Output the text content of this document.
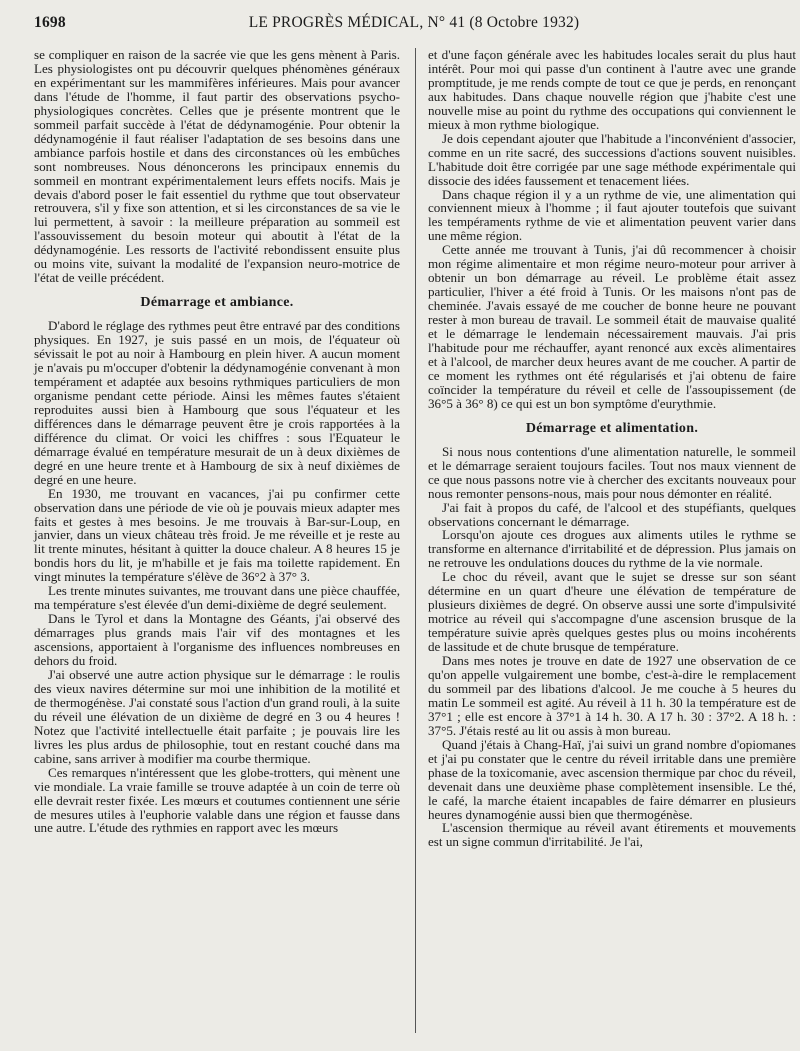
1698	LE PROGRÈS MÉDICAL, N° 41 (8 Octobre 1932)

se compliquer en raison de la sacrée vie que les gens mènent à Paris. Les physiologistes ont pu découvrir quelques phénomènes généraux en expérimentant sur les mammifères inférieures. Mais pour avancer dans l'étude de l'homme, il faut partir des observations psycho-physiologiques concrètes. Celles que je présente montrent que le sommeil parfait succède à l'état de dédynamogénie. Pour obtenir la dédynamogénie il faut réaliser l'adaptation de ses besoins dans une ambiance parfois hostile et dans des circonstances où les embûches sont nombreuses. Nous dénoncerons les principaux ennemis du sommeil en montrant expérimentalement leurs effets nocifs. Mais je devais d'abord poser le fait essentiel du rythme que tout observateur retrouvera, s'il y fixe son attention, et si les circonstances de sa vie le lui permettent, à savoir : la meilleure préparation au sommeil est l'assouvissement du besoin moteur qui aboutit à l'état de la dédynamogénie. Les ressorts de l'activité rebondissent ensuite plus ou moins vite, suivant la modalité de l'expansion neuro-motrice de l'état de veille précédent.

Démarrage et ambiance.

D'abord le réglage des rythmes peut être entravé par des conditions physiques. En 1927, je suis passé en un mois, de l'équateur où sévissait le pot au noir à Hambourg en plein hiver. A aucun moment je n'avais pu m'occuper d'obtenir la dédynamogénie convenant à mon tempérament et adaptée aux besoins rythmiques particuliers de mon organisme pendant cette période. Ainsi les mêmes fautes s'étaient reproduites aussi bien à Hambourg que sous l'équateur et les différences dans le démarrage peuvent être je crois rapportées à la différence du climat. Or voici les chiffres : sous l'Equateur le démarrage évalué en température mesurait de un à deux dixièmes de degré en une heure trente et à Hambourg de six à neuf dixièmes de degré en une heure.

En 1930, me trouvant en vacances, j'ai pu confirmer cette observation dans une période de vie où je pouvais mieux adapter mes faits et gestes à mes besoins. Je me trouvais à Bar-sur-Loup, en janvier, dans un vieux château très froid. Je me réveille et je reste au lit trente minutes, hésitant à quitter la douce chaleur. A 8 heures 15 je bondis hors du lit, je m'habille et je fais ma toilette rapidement. En vingt minutes la température s'élève de 36°2 à 37° 3.

Les trente minutes suivantes, me trouvant dans une pièce chauffée, ma température s'est élevée d'un demi-dixième de degré seulement.

Dans le Tyrol et dans la Montagne des Géants, j'ai observé des démarrages plus grands mais l'air vif des montagnes et les ascensions, apportaient à l'organisme des influences nombreuses en dehors du froid.

J'ai observé une autre action physique sur le démarrage : le roulis des vieux navires détermine sur moi une inhibition de la motilité et de thermogénèse. J'ai constaté sous l'action d'un grand rouli, à la suite du réveil une élévation de un dixième de degré en 3 ou 4 heures ! Notez que l'activité intellectuelle était parfaite ; je pouvais lire les livres les plus ardus de philosophie, tout en restant couché dans ma cabine, sans arriver à modifier ma courbe thermique.

Ces remarques n'intéressent que les globe-trotters, qui mènent une vie mondiale. La vraie famille se trouve adaptée à un coin de terre où elle devrait rester fixée. Les mœurs et coutumes contiennent une série de mesures utiles à l'euphorie valable dans une région et fausse dans une autre. L'étude des rythmies en rapport avec les mœurs

et d'une façon générale avec les habitudes locales serait du plus haut intérêt. Pour moi qui passe d'un continent à l'autre avec une grande promptitude, je me rends compte de tout ce que je perds, en renonçant aux habitudes. Dans chaque nouvelle région que j'habite c'est une nouvelle mise au point du rythme des occupations qui conviennent le mieux à mon rythme biologique.

Je dois cependant ajouter que l'habitude a l'inconvénient d'associer, comme en un rite sacré, des successions d'actions souvent nuisibles. L'habitude doit être corrigée par une sage méthode expérimentale qui dissocie des idées faussement et tenacement liées.

Dans chaque région il y a un rythme de vie, une alimentation qui conviennent mieux à l'homme ; il faut ajouter toutefois que suivant les tempéraments rythme de vie et alimentation peuvent varier dans une même région.

Cette année me trouvant à Tunis, j'ai dû recommencer à choisir mon régime alimentaire et mon régime neuro-moteur pour arriver à obtenir un bon démarrage au réveil. Le problème était assez particulier, l'hiver a été froid à Tunis. Or les maisons n'ont pas de cheminée. J'avais essayé de me coucher de bonne heure ne pouvant rester à mon bureau de travail. Le sommeil était de mauvaise qualité et le démarrage le lendemain nécessairement mauvais. J'ai pris l'habitude pour me réchauffer, ayant renoncé aux excès alimentaires et à l'alcool, de marcher deux heures avant de me coucher. A partir de ce moment les rythmes ont été régularisés et j'ai obtenu de faire coïncider la température du réveil et celle de l'assoupissement (de 36°5 à 36° 8) ce qui est un bon symptôme d'eurythmie.

Démarrage et alimentation.

Si nous nous contentions d'une alimentation naturelle, le sommeil et le démarrage seraient toujours faciles. Tout nos maux viennent de ce que nous passons notre vie à chercher des excitants nouveaux pour nous remonter pensons-nous, mais pour nous démonter en réalité.

J'ai fait à propos du café, de l'alcool et des stupéfiants, quelques observations concernant le démarrage.

Lorsqu'on ajoute ces drogues aux aliments utiles le rythme se transforme en alternance d'irritabilité et de dépression. Plus jamais on ne retrouve les ondulations douces du rythme de la vie normale.

Le choc du réveil, avant que le sujet se dresse sur son séant détermine en un quart d'heure une élévation de température de plusieurs dixièmes de degré. On observe aussi une sorte d'impulsivité motrice au réveil qui s'accompagne d'une ascension brusque de la température suivie après quelques gestes plus ou moins incohérents de lassitude et de chute brusque de température.

Dans mes notes je trouve en date de 1927 une observation de ce qu'on appelle vulgairement une bombe, c'est-à-dire le remplacement du sommeil par des libations d'alcool. Je me couche à 5 heures du matin Le sommeil est agité. Au réveil à 11 h. 30 la température est de 37°1 ; elle est encore à 37°1 à 14 h. 30. A 17 h. 30 : 37°2. A 18 h. : 37°5. J'étais resté au lit ou assis à mon bureau.

Quand j'étais à Chang-Haï, j'ai suivi un grand nombre d'opiomanes et j'ai pu constater que le centre du réveil irritable dans une première phase de la toxicomanie, avec ascension thermique par choc du réveil, devenait dans une deuxième phase complètement insensible. Le thé, le café, la marche étaient incapables de faire démarrer en plusieurs heures dynamogénie aussi bien que thermogénèse.

L'ascension thermique au réveil avant étirements et mouvements est un signe commun d'irritabilité. Je l'ai,
